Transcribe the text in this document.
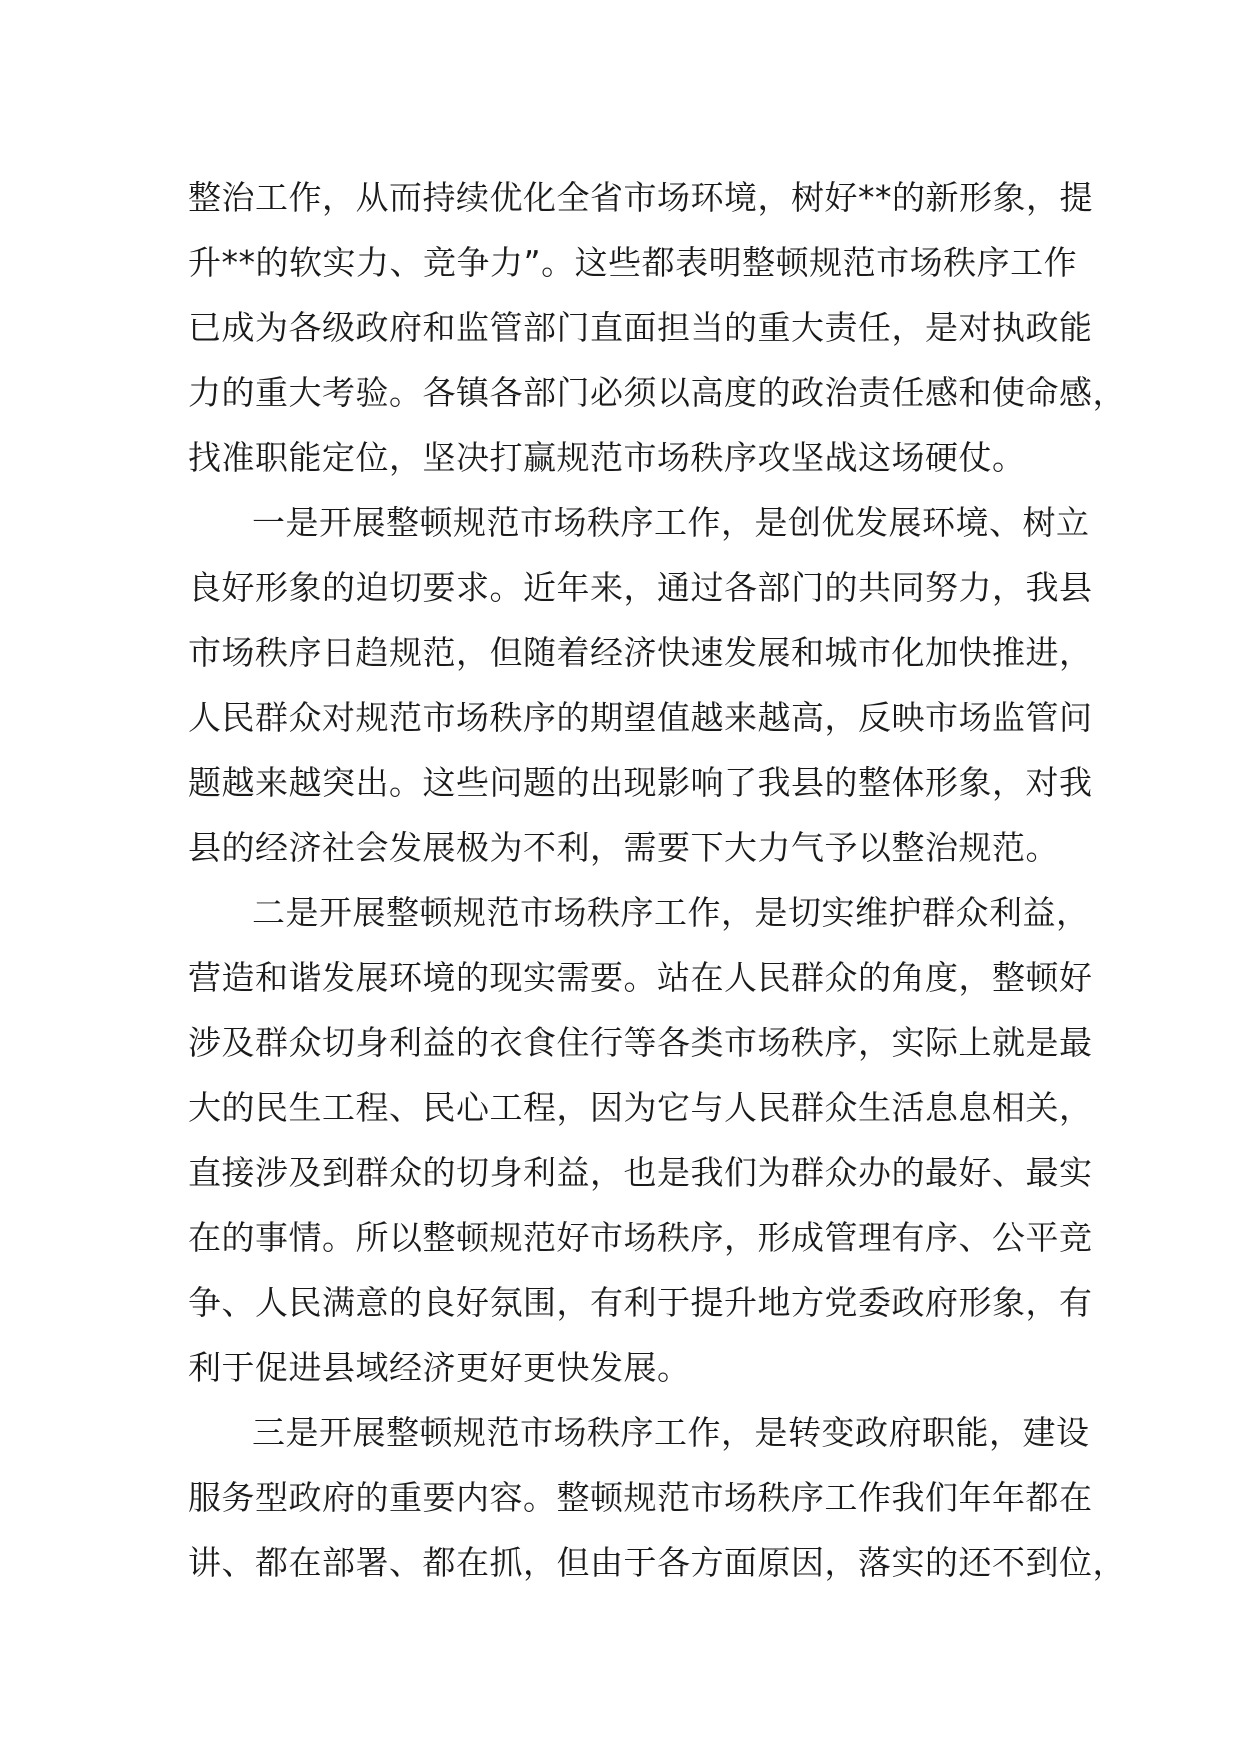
整治工作，从而持续优化全省市场环境，树好**的新形象，提
升**的软实力、竞争力”。这些都表明整顿规范市场秩序工作
已成为各级政府和监管部门直面担当的重大责任，是对执政能
力的重大考验。各镇各部门必须以高度的政治责任感和使命感，
找准职能定位，坚决打赢规范市场秩序攻坚战这场硬仗。
一是开展整顿规范市场秩序工作，是创优发展环境、树立
良好形象的迫切要求。近年来，通过各部门的共同努力，我县
市场秩序日趋规范，但随着经济快速发展和城市化加快推进，
人民群众对规范市场秩序的期望值越来越高，反映市场监管问
题越来越突出。这些问题的出现影响了我县的整体形象，对我
县的经济社会发展极为不利，需要下大力气予以整治规范。
二是开展整顿规范市场秩序工作，是切实维护群众利益，
营造和谐发展环境的现实需要。站在人民群众的角度，整顿好
涉及群众切身利益的衣食住行等各类市场秩序，实际上就是最
大的民生工程、民心工程，因为它与人民群众生活息息相关，
直接涉及到群众的切身利益，也是我们为群众办的最好、最实
在的事情。所以整顿规范好市场秩序，形成管理有序、公平竞
争、人民满意的良好氛围，有利于提升地方党委政府形象，有
利于促进县域经济更好更快发展。
三是开展整顿规范市场秩序工作，是转变政府职能，建设
服务型政府的重要内容。整顿规范市场秩序工作我们年年都在
讲、都在部署、都在抓，但由于各方面原因，落实的还不到位，
